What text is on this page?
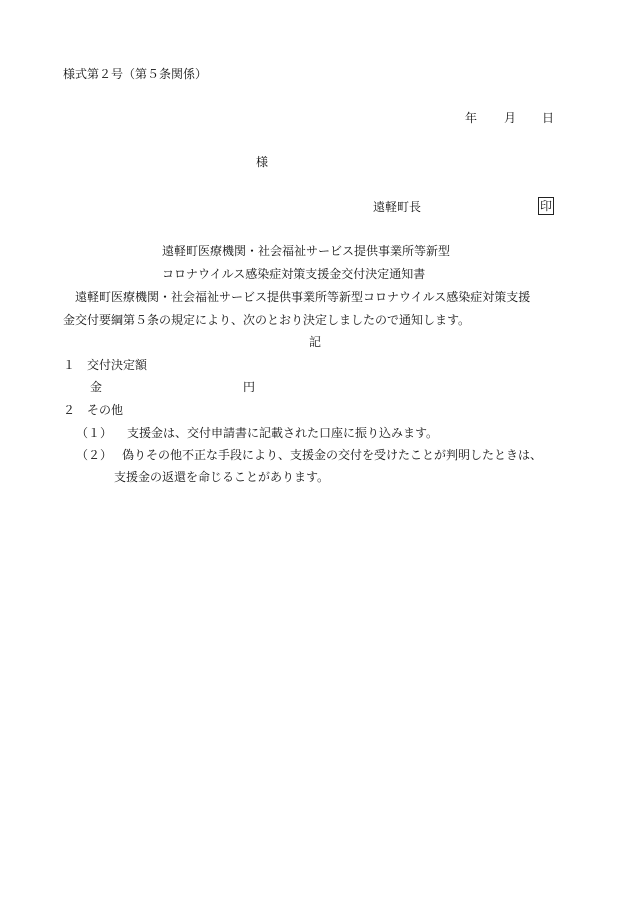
様式第２号（第５条関係）
年 月 日
様
遠軽町長	印
遠軽町医療機関・社会福祉サービス提供事業所等新型
コロナウイルス感染症対策支援金交付決定通知書
遠軽町医療機関・社会福祉サービス提供事業所等新型コロナウイルス感染症対策支援
金交付要綱第５条の規定により、次のとおり決定しましたので通知します。
記
１ 交付決定額
金	円
２ その他
（１） 支援金は、交付申請書に記載された口座に振り込みます。
（２） 偽りその他不正な手段により、支援金の交付を受けたことが判明したときは、
支援金の返還を命じることがあります。
